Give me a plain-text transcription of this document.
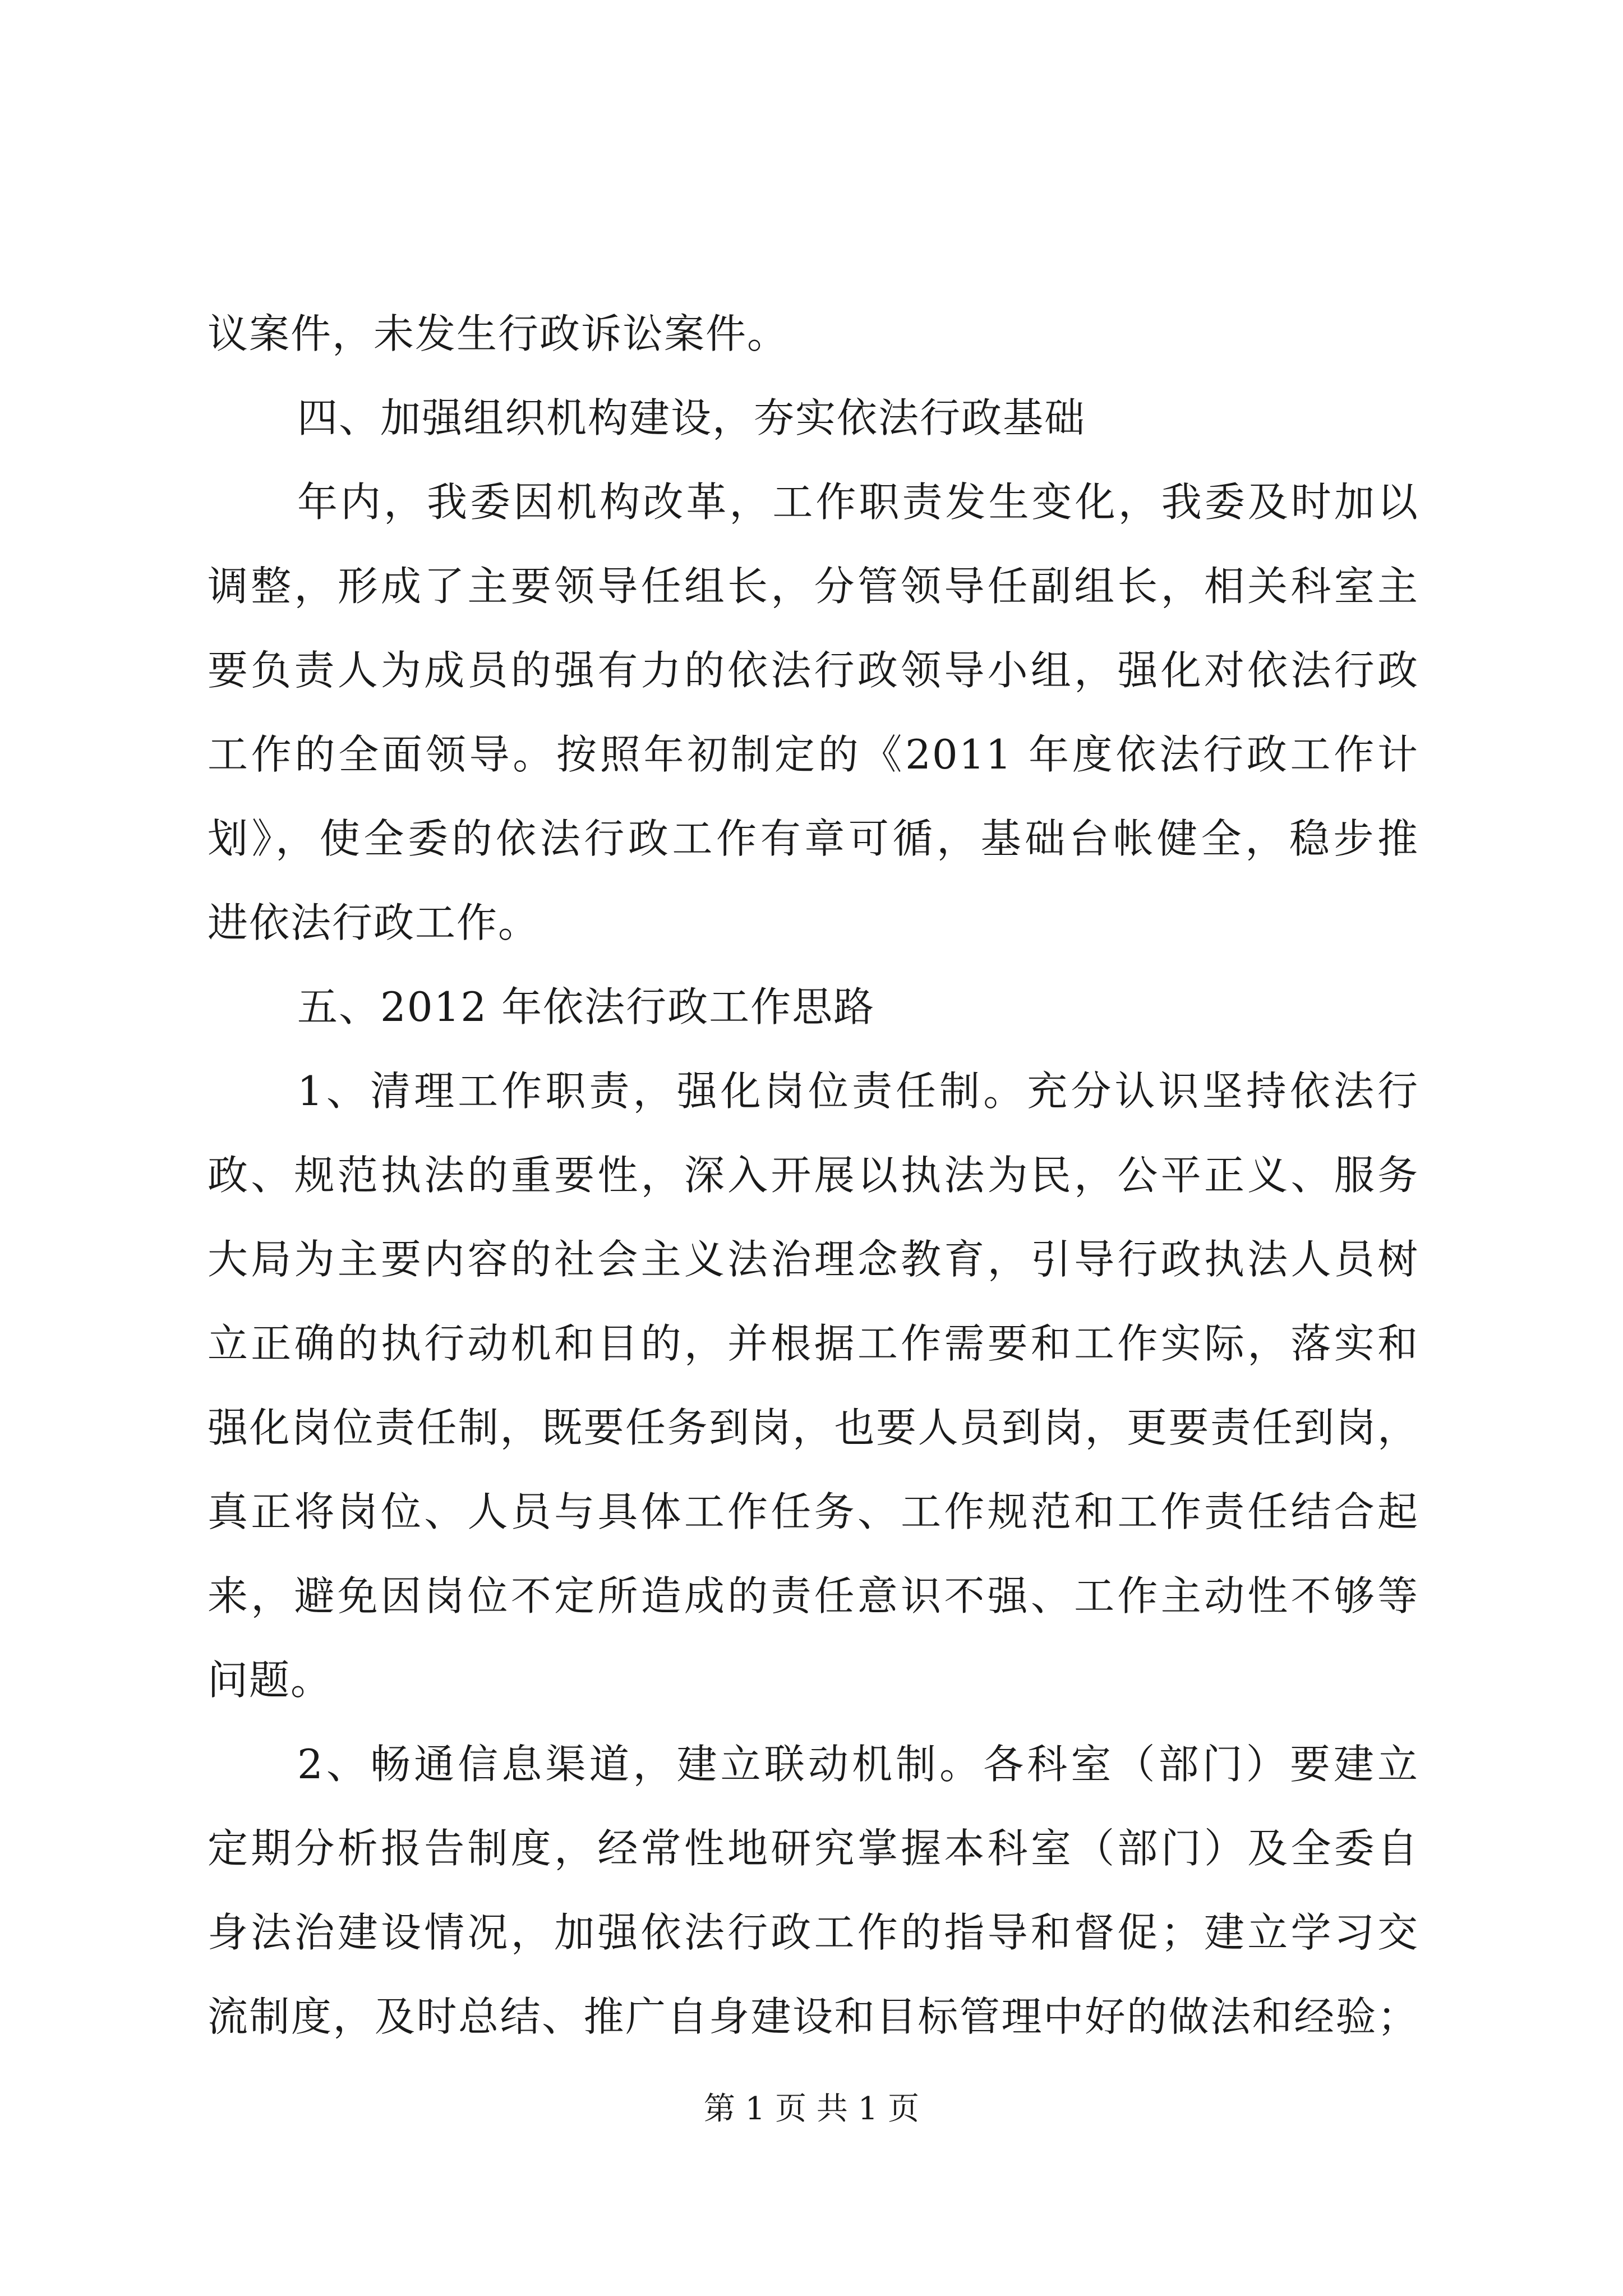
议案件，未发生行政诉讼案件。
四、加强组织机构建设，夯实依法行政基础
年内，我委因机构改革，工作职责发生变化，我委及时加以
调整，形成了主要领导任组长，分管领导任副组长，相关科室主
要负责人为成员的强有力的依法行政领导小组，强化对依法行政
工作的全面领导。按照年初制定的《2011 年度依法行政工作计
划》，使全委的依法行政工作有章可循，基础台帐健全，稳步推
进依法行政工作。
五、2012 年依法行政工作思路
1、清理工作职责，强化岗位责任制。充分认识坚持依法行
政、规范执法的重要性，深入开展以执法为民，公平正义、服务
大局为主要内容的社会主义法治理念教育，引导行政执法人员树
立正确的执行动机和目的，并根据工作需要和工作实际，落实和
强化岗位责任制，既要任务到岗，也要人员到岗，更要责任到岗，
真正将岗位、人员与具体工作任务、工作规范和工作责任结合起
来，避免因岗位不定所造成的责任意识不强、工作主动性不够等
问题。
2、畅通信息渠道，建立联动机制。各科室（部门）要建立
定期分析报告制度，经常性地研究掌握本科室（部门）及全委自
身法治建设情况，加强依法行政工作的指导和督促；建立学习交
流制度，及时总结、推广自身建设和目标管理中好的做法和经验；
第 1 页 共 1 页
